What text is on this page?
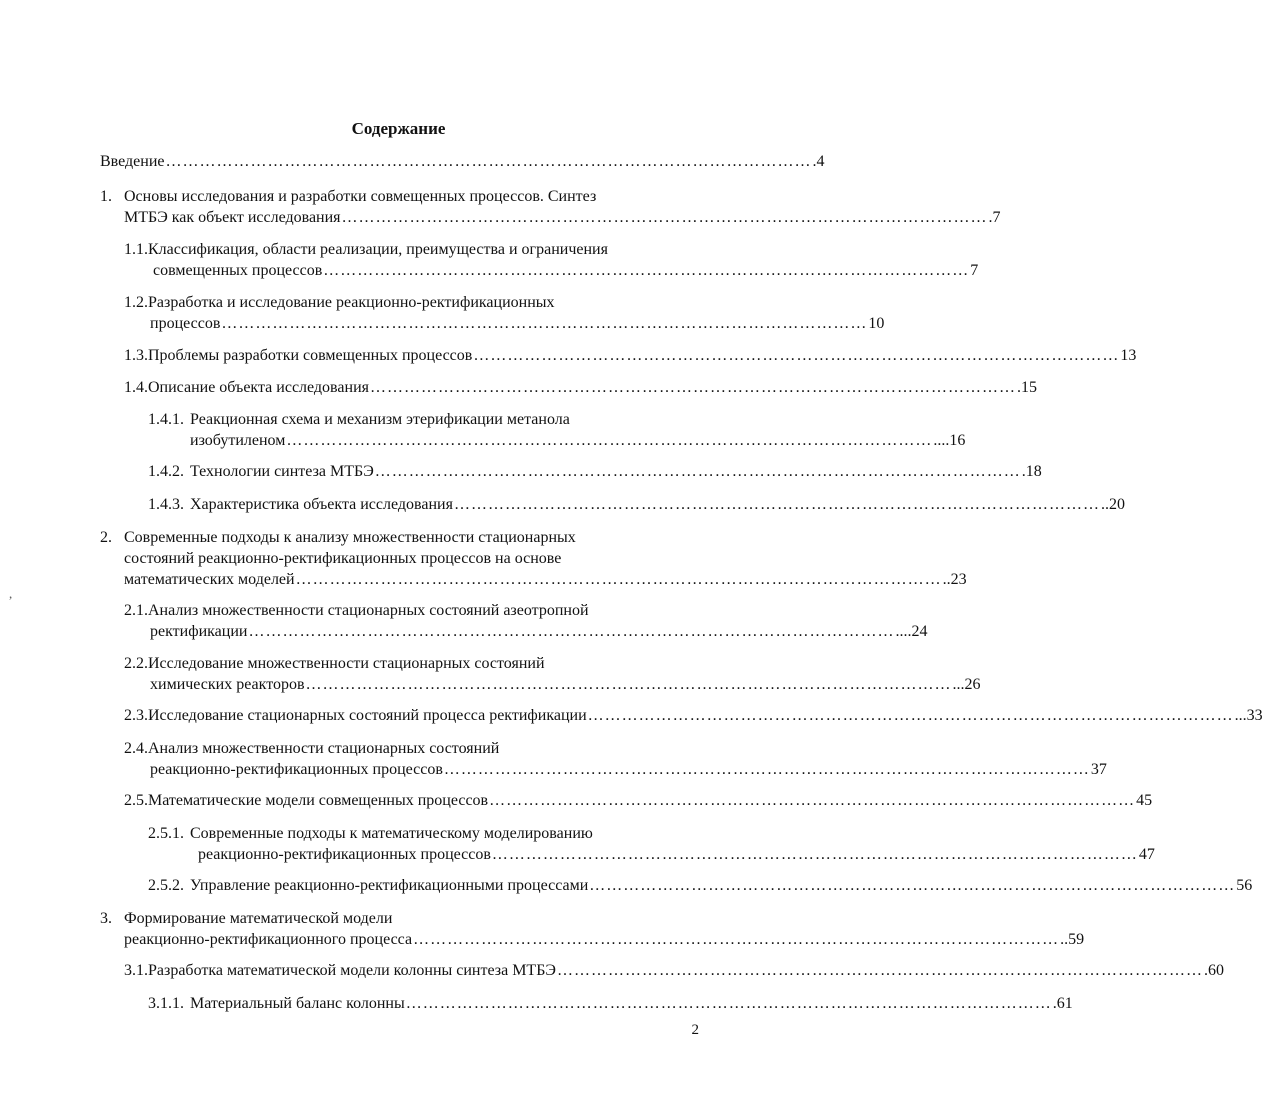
Содержание
Введение …………………………………………………………………………………………………… .4
1. Основы исследования и разработки совмещенных процессов. Синтез
МТБЭ как объект исследования …………………………………………………………………………………………………… .7
1.1.Классификация, области реализации, преимущества и ограничения
совмещенных процессов …………………………………………………………………………………………………… 7
1.2.Разработка и исследование реакционно-ректификационных
процессов …………………………………………………………………………………………………… 10
1.3.Проблемы разработки совмещенных процессов …………………………………………………………………………………………………… 13
1.4.Описание объекта исследования …………………………………………………………………………………………………… .15
1.4.1. Реакционная схема и механизм этерификации метанола
изобутиленом …………………………………………………………………………………………………… ....16
1.4.2. Технологии синтеза МТБЭ …………………………………………………………………………………………………… .18
1.4.3. Характеристика объекта исследования …………………………………………………………………………………………………… ..20
2. Современные подходы к анализу множественности стационарных
состояний реакционно-ректификационных процессов на основе
математических моделей …………………………………………………………………………………………………… ..23
2.1.Анализ множественности стационарных состояний азеотропной
ректификации …………………………………………………………………………………………………… ....24
2.2.Исследование множественности стационарных состояний
химических реакторов …………………………………………………………………………………………………… ...26
2.3.Исследование стационарных состояний процесса ректификации …………………………………………………………………………………………………… ...33
2.4.Анализ множественности стационарных состояний
реакционно-ректификационных процессов …………………………………………………………………………………………………… 37
2.5.Математические модели совмещенных процессов …………………………………………………………………………………………………… 45
2.5.1. Современные подходы к математическому моделированию
реакционно-ректификационных процессов …………………………………………………………………………………………………… 47
2.5.2. Управление реакционно-ректификационными процессами …………………………………………………………………………………………………… 56
3. Формирование математической модели
реакционно-ректификационного процесса …………………………………………………………………………………………………… ..59
3.1.Разработка математической модели колонны синтеза МТБЭ …………………………………………………………………………………………………… .60
3.1.1. Материальный баланс колонны …………………………………………………………………………………………………… .61
2
,
